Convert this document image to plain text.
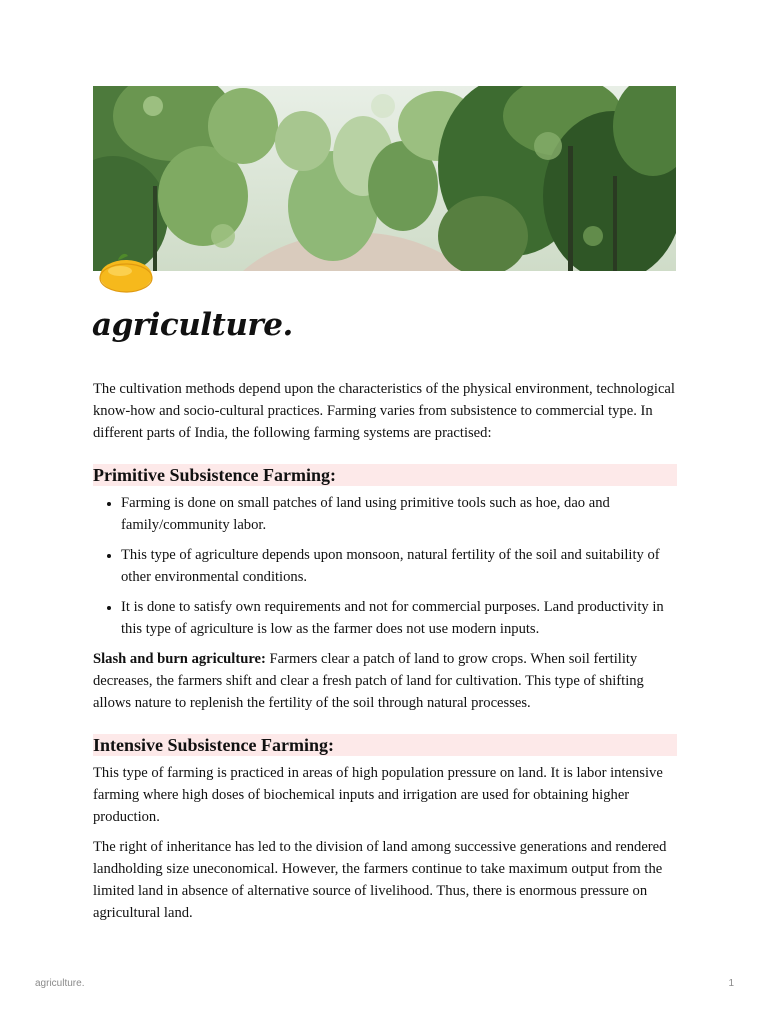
agriculture.

The cultivation methods depend upon the characteristics of the physical environment, technological know-how and socio-cultural practices. Farming varies from subsistence to commercial type. In different parts of India, the following farming systems are practised:

Primitive Subsistence Farming:
• Farming is done on small patches of land using primitive tools such as hoe, dao and family/community labor.
• This type of agriculture depends upon monsoon, natural fertility of the soil and suitability of other environmental conditions.
• It is done to satisfy own requirements and not for commercial purposes. Land productivity in this type of agriculture is low as the farmer does not use modern inputs.

Slash and burn agriculture: Farmers clear a patch of land to grow crops. When soil fertility decreases, the farmers shift and clear a fresh patch of land for cultivation. This type of shifting allows nature to replenish the fertility of the soil through natural processes.

Intensive Subsistence Farming:

This type of farming is practiced in areas of high population pressure on land. It is labor intensive farming where high doses of biochemical inputs and irrigation are used for obtaining higher production.

The right of inheritance has led to the division of land among successive generations and rendered landholding size uneconomical. However, the farmers continue to take maximum output from the limited land in absence of alternative source of livelihood. Thus, there is enormous pressure on agricultural land.

agriculture.	1
